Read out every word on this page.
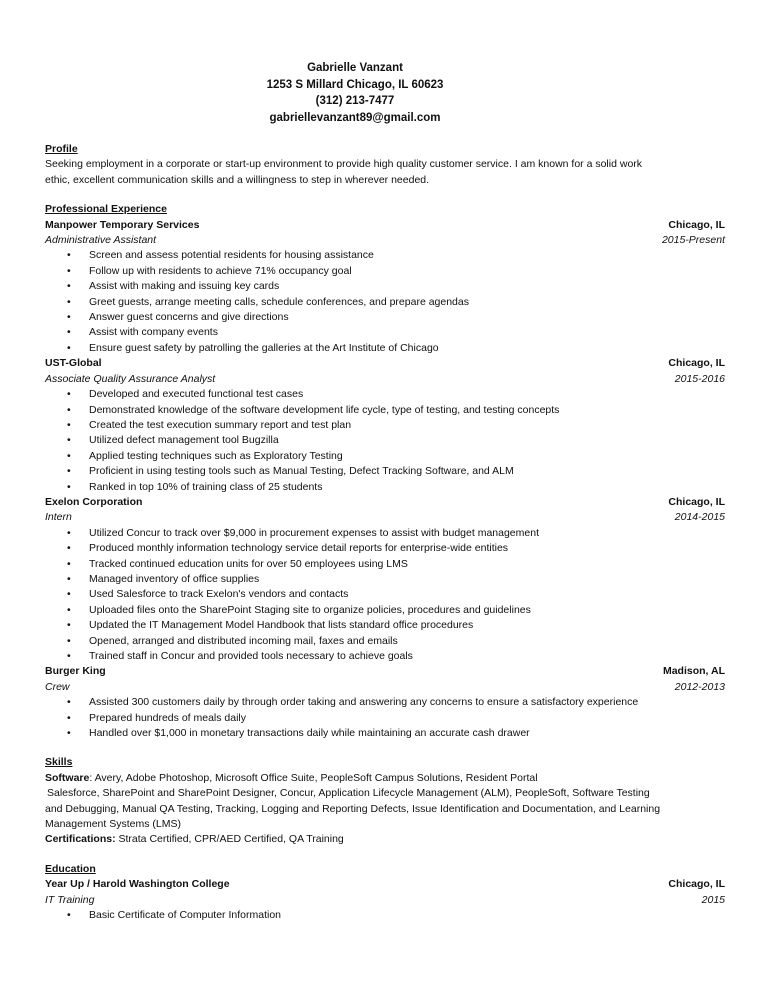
Gabrielle Vanzant
1253 S Millard Chicago, IL 60623
(312) 213-7477
gabriellevanzant89@gmail.com
Profile
Seeking employment in a corporate or start-up environment to provide high quality customer service. I am known for a solid work
ethic, excellent communication skills and a willingness to step in wherever needed.
Professional Experience
Manpower Temporary Services	Chicago, IL
Administrative Assistant	2015-Present
• Screen and assess potential residents for housing assistance
• Follow up with residents to achieve 71% occupancy goal
• Assist with making and issuing key cards
• Greet guests, arrange meeting calls, schedule conferences, and prepare agendas
• Answer guest concerns and give directions
• Assist with company events
• Ensure guest safety by patrolling the galleries at the Art Institute of Chicago
UST-Global	Chicago, IL
Associate Quality Assurance Analyst	2015-2016
• Developed and executed functional test cases
• Demonstrated knowledge of the software development life cycle, type of testing, and testing concepts
• Created the test execution summary report and test plan
• Utilized defect management tool Bugzilla
• Applied testing techniques such as Exploratory Testing
• Proficient in using testing tools such as Manual Testing, Defect Tracking Software, and ALM
• Ranked in top 10% of training class of 25 students
Exelon Corporation	Chicago, IL
Intern	2014-2015
• Utilized Concur to track over $9,000 in procurement expenses to assist with budget management
• Produced monthly information technology service detail reports for enterprise-wide entities
• Tracked continued education units for over 50 employees using LMS
• Managed inventory of office supplies
• Used Salesforce to track Exelon's vendors and contacts
• Uploaded files onto the SharePoint Staging site to organize policies, procedures and guidelines
• Updated the IT Management Model Handbook that lists standard office procedures
• Opened, arranged and distributed incoming mail, faxes and emails
• Trained staff in Concur and provided tools necessary to achieve goals
Burger King	Madison, AL
Crew	2012-2013
• Assisted 300 customers daily by through order taking and answering any concerns to ensure a satisfactory experience
• Prepared hundreds of meals daily
• Handled over $1,000 in monetary transactions daily while maintaining an accurate cash drawer
Skills
Software: Avery, Adobe Photoshop, Microsoft Office Suite, PeopleSoft Campus Solutions, Resident Portal
Salesforce, SharePoint and SharePoint Designer, Concur, Application Lifecycle Management (ALM), PeopleSoft, Software Testing
and Debugging, Manual QA Testing, Tracking, Logging and Reporting Defects, Issue Identification and Documentation, and Learning
Management Systems (LMS)
Certifications: Strata Certified, CPR/AED Certified, QA Training
Education
Year Up / Harold Washington College	Chicago, IL
IT Training	2015
• Basic Certificate of Computer Information
